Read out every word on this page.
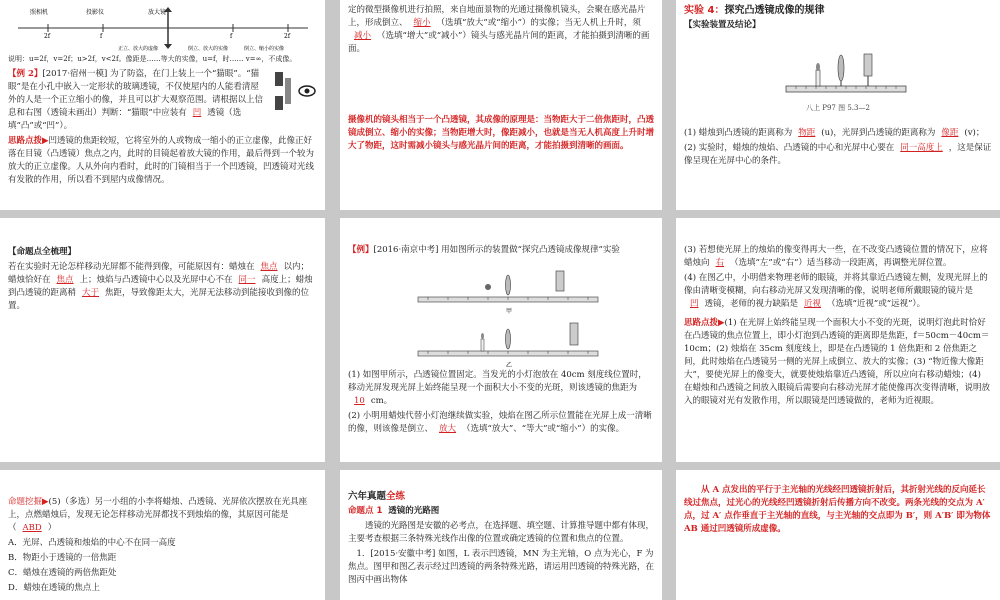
照相机	投影仪	放大镜
2f	f	f	2f
正立、放大的虚像	倒立、放大的实像	倒立、缩小的实像

说明：u=2f，v=2f；u>2f，v<2f。像距是……等大的实像，u=f，时…… v=∞，不成像。

【例 2】[2017·宿州一模] 为了防盗，在门上装上一个“猫眼”。“猫眼”是在小孔中嵌入一定形状的玻璃透镜，不仅使屋内的人能看清屋外的人是一个正立缩小的像，并且可以扩大观察范围。请根据以上信息和右图（透镜未画出）判断：“猫眼”中应装有 凹 透镜（选填“凸”或“凹”）。

思路点拨▶凹透镜的焦距较短，它将室外的人或物成一缩小的正立虚像，此像正好落在目镜（凸透镜）焦点之内，此时的目镜起着放大镜的作用，最后得到一个较为放大的正立虚像。人从外向内看时，此时的门镜相当于一个凹透镜，凹透镜对光线有发散的作用，所以看不到屋内成像情况。

定的微型摄像机进行拍照，来自地面景物的光通过摄像机镜头，会聚在感光晶片上，形成倒立、 缩小 （选填“放大”或“缩小”）的实像；当无人机上升时，须减小 （选填“增大”或“减小”）镜头与感光晶片间的距离，才能拍摄到清晰的画面。

摄像机的镜头相当于一个凸透镜，其成像的原理是：当物距大于二倍焦距时，凸透镜成倒立、缩小的实像；当物距增大时，像距减小，也就是当无人机高度上升时增大了物距，这时需减小镜头与感光晶片间的距离，才能拍摄到清晰的画面。

实验 4：探究凸透镜成像的规律

【实验装置及结论】

八上 P97 图 5.3—2

(1) 蜡烛到凸透镜的距离称为 物距 (u)，光屏到凸透镜的距离称为 像距 (v)；

(2) 实验时，蜡烛的烛焰、凸透镜的中心和光屏中心要在 同一高度上 ，这是保证像呈现在光屏中心的条件。

【命题点全梳理】

若在实验时无论怎样移动光屏都不能得到像，可能原因有：蜡烛在 焦点 以内；蜡烛恰好在 焦点 上；烛焰与凸透镜中心以及光屏中心不在 同一 高度上；蜡烛到凸透镜的距离稍 大于 焦距，导致像距太大，光屏无法移动到能接收到像的位置。

【例】[2016·南京中考] 用如图所示的装置做“探究凸透镜成像规律”实验

甲
乙

(1) 如图甲所示，凸透镜位置固定。当发光的小灯泡放在 40cm 刻度线位置时，移动光屏发现光屏上始终能呈现一个面积大小不变的光斑，则该透镜的焦距为10 cm。

(2) 小明用蜡烛代替小灯泡继续做实验，烛焰在图乙所示位置能在光屏上成一清晰的像，则该像是倒立、 放大 （选填“放大”、“等大”或“缩小”）的实像。

(3) 若想使光屏上的烛焰的像变得再大一些，在不改变凸透镜位置的情况下，应将蜡烛向 右 （选填“左”或“右”）适当移动一段距离，再调整光屏位置。

(4) 在图乙中，小明借来物理老师的眼镜，并将其靠近凸透镜左侧，发现光屏上的像由清晰变模糊，向右移动光屏又发现清晰的像，说明老师所戴眼镜的镜片是凹 透镜，老师的视力缺陷是 近视 （选填“近视”或“远视”）。

思路点拨▶(1) 在光屏上始终能呈现一个面积大小不变的光斑，说明灯泡此时恰好在凸透镜的焦点位置上，即小灯泡到凸透镜的距离即是焦距，f＝50cm－40cm＝10cm；(2) 烛焰在 35cm 刻度线上，即是在凸透镜的 1 倍焦距和 2 倍焦距之间，此时烛焰在凸透镜另一侧的光屏上成倒立、放大的实像；(3) “物近像大像距大”，要使光屏上的像变大，就要使烛焰靠近凸透镜，所以应向右移动蜡烛；(4) 在蜡烛和凸透镜之间放入眼镜后需要向右移动光屏才能使像再次变得清晰，说明放入的眼镜对光有发散作用，所以眼镜是凹透镜做的，老师为近视眼。

命题挖掘▶(5)（多选）另一小组的小李将蜡烛、凸透镜、光屏依次摆放在光具座上，点燃蜡烛后，发现无论怎样移动光屏都找不到烛焰的像，其原因可能是（ ABD ）

A．光屏、凸透镜和烛焰的中心不在同一高度

B．物距小于透镜的一倍焦距

C．蜡烛在透镜的两倍焦距处

D．蜡烛在透镜的焦点上

六年真题全练

命题点 1 透镜的光路图

透镜的光路图是安徽的必考点，在选择题、填空题、计算推导题中都有体现，主要考查根据三条特殊光线作出像的位置或确定透镜的位置和焦点的位置。

1．[2015·安徽中考] 如图，L 表示凹透镜，MN 为主光轴，O 点为光心，F 为焦点。图甲和图乙表示经过凹透镜的两条特殊光路，请运用凹透镜的特殊光路，在图丙中画出物体

从 A 点发出的平行于主光轴的光线经凹透镜折射后，其折射光线的反向延长线过焦点，过光心的光线经凹透镜折射后传播方向不改变。两条光线的交点为 A′ 点，过 A′ 点作垂直于主光轴的直线，与主光轴的交点即为 B′，则 A′B′ 即为物体 AB 通过凹透镜所成虚像。
